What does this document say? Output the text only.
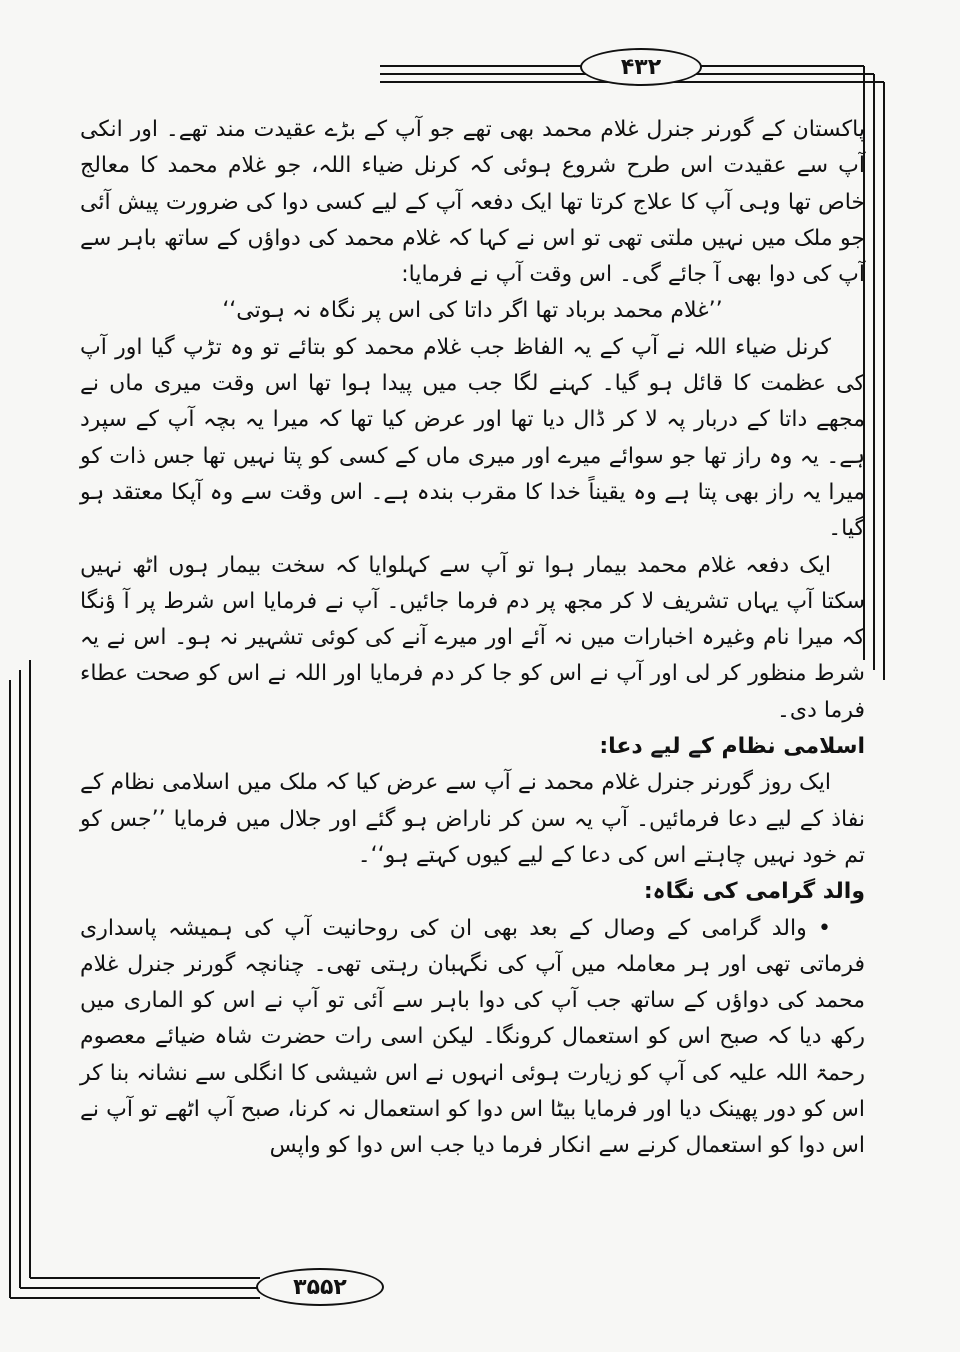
۴۳۲

پاکستان کے گورنر جنرل غلام محمد بھی تھے جو آپ کے بڑے عقیدت مند تھے۔ اور انکی آپ سے عقیدت اس طرح شروع ہوئی کہ کرنل ضیاء اللہ، جو غلام محمد کا معالج خاص تھا وہی آپ کا علاج کرتا تھا ایک دفعہ آپ کے لیے کسی دوا کی ضرورت پیش آئی جو ملک میں نہیں ملتی تھی تو اس نے کہا کہ غلام محمد کی دواؤں کے ساتھ باہر سے آپ کی دوا بھی آ جائے گی۔ اس وقت آپ نے فرمایا:

’’غلام محمد برباد تھا اگر داتا کی اس پر نگاہ نہ ہوتی‘‘

کرنل ضیاء اللہ نے آپ کے یہ الفاظ جب غلام محمد کو بتائے تو وہ تڑپ گیا اور آپ کی عظمت کا قائل ہو گیا۔ کہنے لگا جب میں پیدا ہوا تھا اس وقت میری ماں نے مجھے داتا کے دربار پہ لا کر ڈال دیا تھا اور عرض کیا تھا کہ میرا یہ بچہ آپ کے سپرد ہے۔ یہ وہ راز تھا جو سوائے میرے اور میری ماں کے کسی کو پتا نہیں تھا جس ذات کو میرا یہ راز بھی پتا ہے وہ یقیناً خدا کا مقرب بندہ ہے۔ اس وقت سے وہ آپکا معتقد ہو گیا۔

ایک دفعہ غلام محمد بیمار ہوا تو آپ سے کہلوایا کہ سخت بیمار ہوں اٹھ نہیں سکتا آپ یہاں تشریف لا کر مجھ پر دم فرما جائیں۔ آپ نے فرمایا اس شرط پر آ ؤنگا کہ میرا نام وغیرہ اخبارات میں نہ آئے اور میرے آنے کی کوئی تشہیر نہ ہو۔ اس نے یہ شرط منظور کر لی اور آپ نے اس کو جا کر دم فرمایا اور اللہ نے اس کو صحت عطاء فرما دی۔

اسلامی نظام کے لیے دعا:

ایک روز گورنر جنرل غلام محمد نے آپ سے عرض کیا کہ ملک میں اسلامی نظام کے نفاذ کے لیے دعا فرمائیں۔ آپ یہ سن کر ناراض ہو گئے اور جلال میں فرمایا ’’جس کو تم خود نہیں چاہتے اس کی دعا کے لیے کیوں کہتے ہو‘‘۔

والد گرامی کی نگاہ:

• والد گرامی کے وصال کے بعد بھی ان کی روحانیت آپ کی ہمیشہ پاسداری فرماتی تھی اور ہر معاملہ میں آپ کی نگہبان رہتی تھی۔ چنانچہ گورنر جنرل غلام محمد کی دواؤں کے ساتھ جب آپ کی دوا باہر سے آئی تو آپ نے اس کو الماری میں رکھ دیا کہ صبح اس کو استعمال کرونگا۔ لیکن اسی رات حضرت شاہ ضیائے معصوم رحمۃ اللہ علیہ کی آپ کو زیارت ہوئی انہوں نے اس شیشی کا انگلی سے نشانہ بنا کر اس کو دور پھینک دیا اور فرمایا بیٹا اس دوا کو استعمال نہ کرنا، صبح آپ اٹھے تو آپ نے اس دوا کو استعمال کرنے سے انکار فرما دیا جب اس دوا کو واپس

۳۵۵۲
